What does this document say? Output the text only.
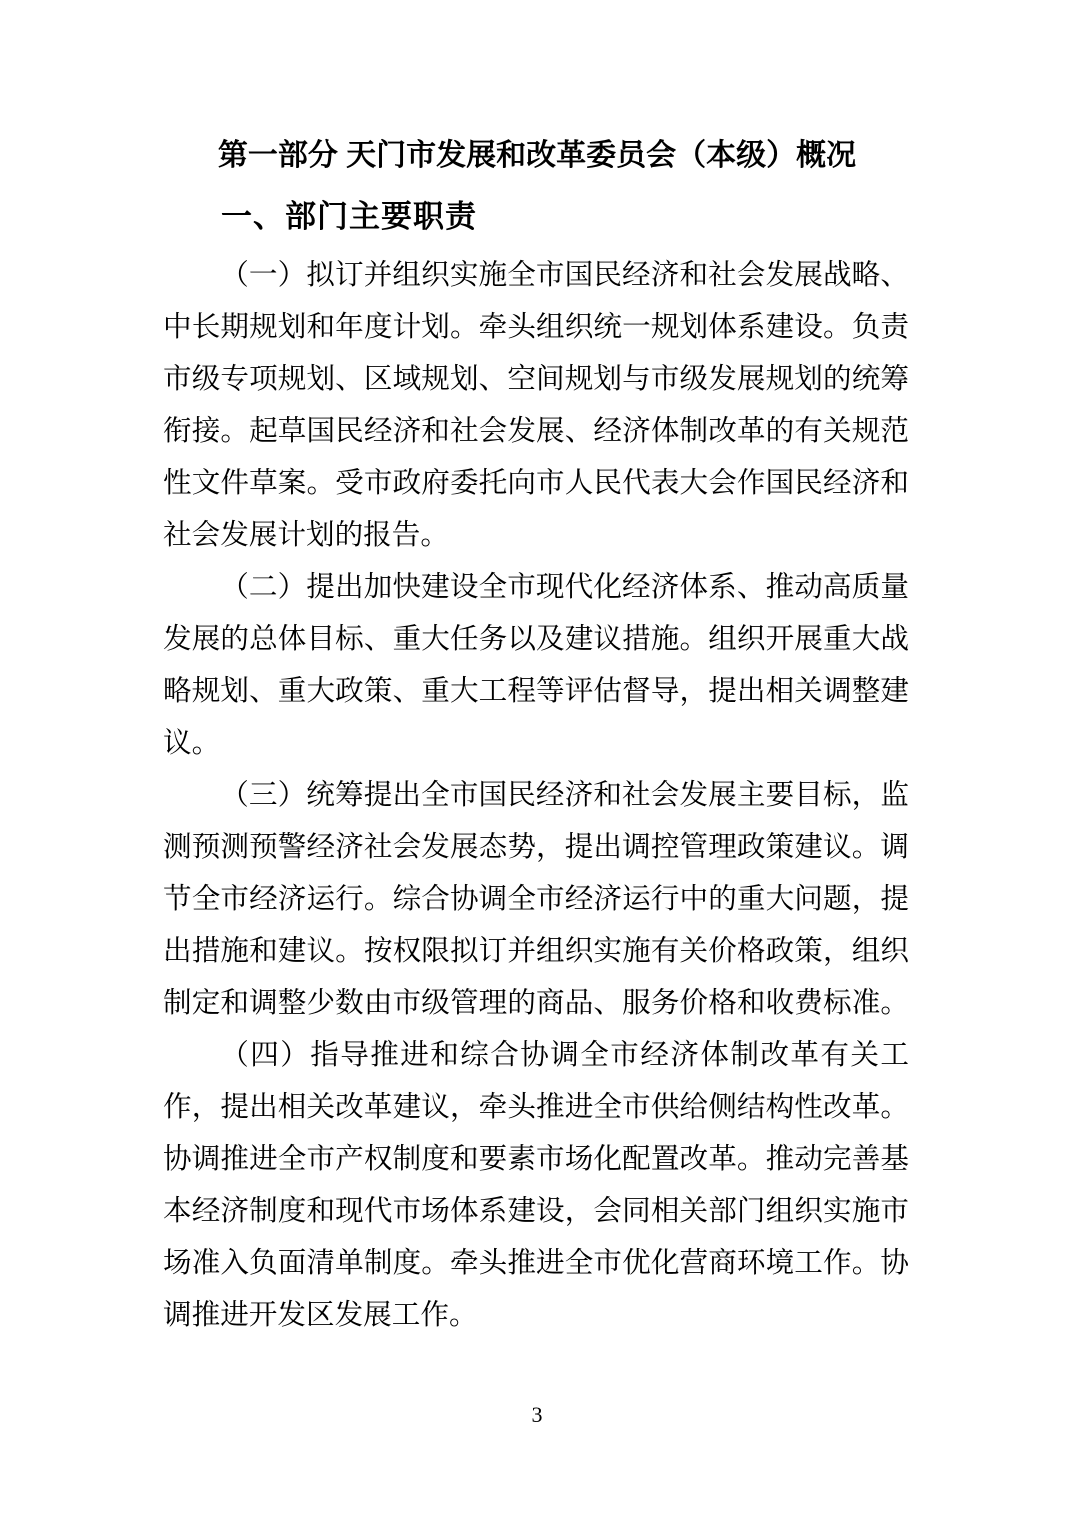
第一部分 天门市发展和改革委员会（本级）概况
一、部门主要职责
（一）拟订并组织实施全市国民经济和社会发展战略、
中长期规划和年度计划。牵头组织统一规划体系建设。负责
市级专项规划、区域规划、空间规划与市级发展规划的统筹
衔接。起草国民经济和社会发展、经济体制改革的有关规范
性文件草案。受市政府委托向市人民代表大会作国民经济和
社会发展计划的报告。
（二）提出加快建设全市现代化经济体系、推动高质量
发展的总体目标、重大任务以及建议措施。组织开展重大战
略规划、重大政策、重大工程等评估督导，提出相关调整建
议。
（三）统筹提出全市国民经济和社会发展主要目标，监
测预测预警经济社会发展态势，提出调控管理政策建议。调
节全市经济运行。综合协调全市经济运行中的重大问题，提
出措施和建议。按权限拟订并组织实施有关价格政策，组织
制定和调整少数由市级管理的商品、服务价格和收费标准。
（四）指导推进和综合协调全市经济体制改革有关工
作，提出相关改革建议，牵头推进全市供给侧结构性改革。
协调推进全市产权制度和要素市场化配置改革。推动完善基
本经济制度和现代市场体系建设，会同相关部门组织实施市
场准入负面清单制度。牵头推进全市优化营商环境工作。协
调推进开发区发展工作。
3
